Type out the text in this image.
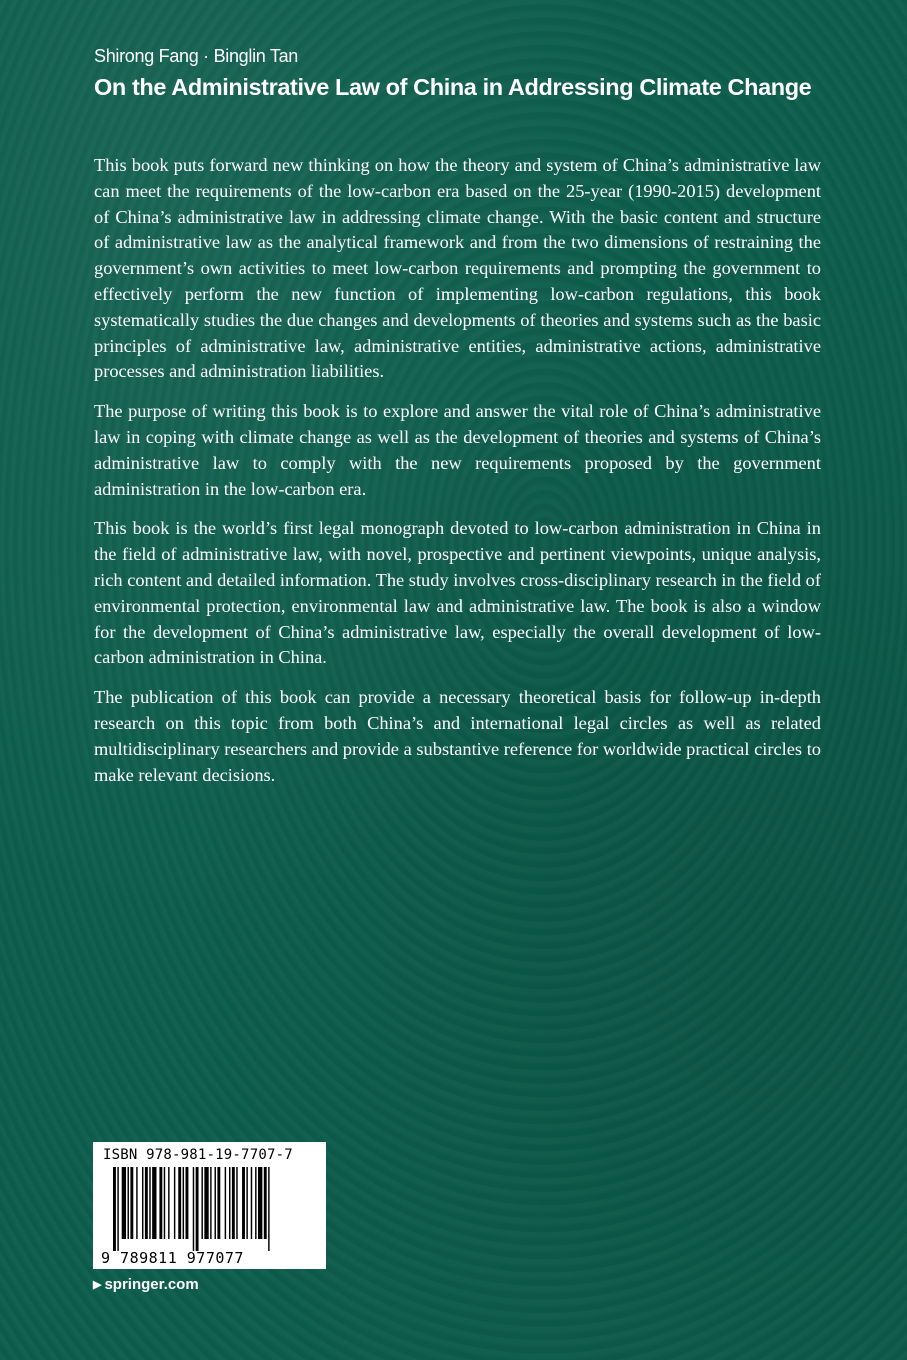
Shirong Fang · Binglin Tan
On the Administrative Law of China in Addressing Climate Change

This book puts forward new thinking on how the theory and system of China’s administrative law can meet the requirements of the low-carbon era based on the 25-year (1990-2015) development of China’s administrative law in addressing climate change. With the basic content and structure of administrative law as the analytical framework and from the two dimensions of restraining the government’s own activities to meet low-carbon requirements and prompting the government to effectively perform the new function of implementing low-carbon regulations, this book systematically studies the due changes and developments of theories and systems such as the basic principles of administrative law, administrative entities, administrative actions, administrative processes and administration liabilities.

The purpose of writing this book is to explore and answer the vital role of China’s administrative law in coping with climate change as well as the development of theories and systems of China’s administrative law to comply with the new requirements proposed by the government administration in the low-carbon era.

This book is the world’s first legal monograph devoted to low-carbon administration in China in the field of administrative law, with novel, prospective and pertinent viewpoints, unique analysis, rich content and detailed information. The study involves cross-disciplinary research in the field of environmental protection, environmental law and administrative law. The book is also a window for the development of China’s administrative law, especially the overall development of low-carbon administration in China.

The publication of this book can provide a necessary theoretical basis for follow-up in-depth research on this topic from both China’s and international legal circles as well as related multidisciplinary researchers and provide a substantive reference for worldwide practical circles to make relevant decisions.

ISBN 978-981-19-7707-7
9 789811 977077
▶ springer.com
